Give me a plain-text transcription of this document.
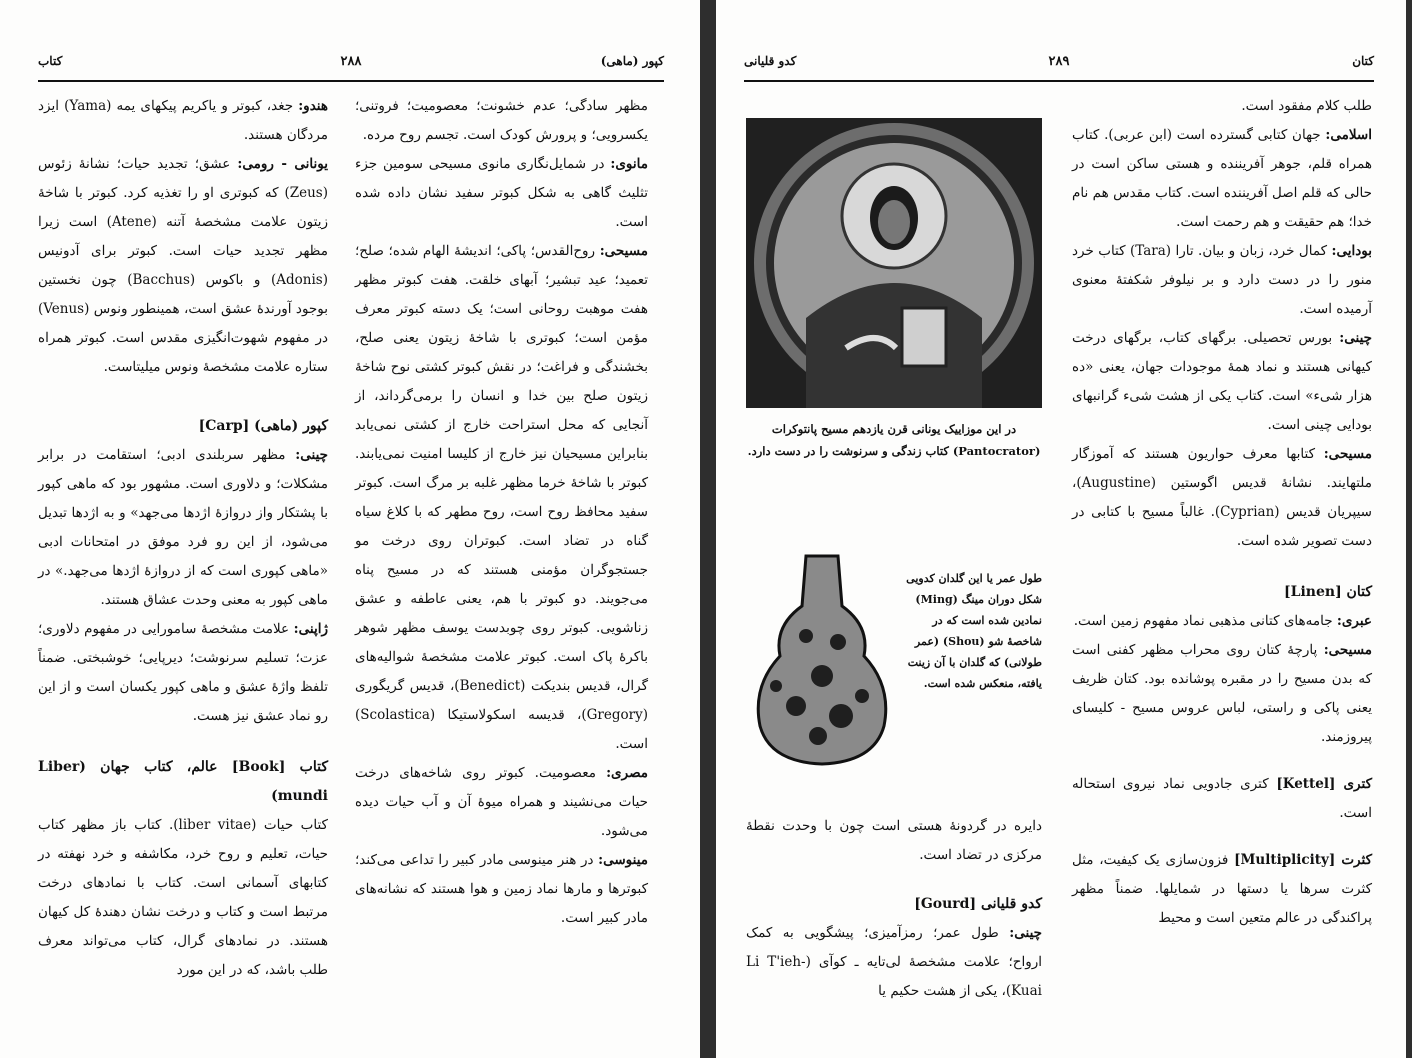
کپور (ماهی)
۲۸۸
کتاب

مظهر سادگی؛ عدم خشونت؛ معصومیت؛ فروتنی؛ یکسرویی؛ و پرورش کودک است. تجسم روح مرده.

مانوی: در شمایل‌نگاری مانوی مسیحی سومین جزء تثلیث گاهی به شکل کبوتر سفید نشان داده شده است.

مسیحی: روح‌القدس؛ پاکی؛ اندیشهٔ الهام شده؛ صلح؛ تعمید؛ عید تبشیر؛ آبهای خلقت. هفت کبوتر مظهر هفت موهبت روحانی است؛ یک دسته کبوتر معرف مؤمن است؛ کبوتری با شاخهٔ زیتون یعنی صلح، بخشندگی و فراغت؛ در نقش کبوتر کشتی نوح شاخهٔ زیتون صلح بین خدا و انسان را برمی‌گرداند، از آنجایی که محل استراحت خارج از کشتی نمی‌یابد بنابراین مسیحیان نیز خارج از کلیسا امنیت نمی‌یابند. کبوتر با شاخهٔ خرما مظهر غلبه بر مرگ است. کبوتر سفید محافظ روح است، روح مطهر که با کلاغ سیاه گناه در تضاد است. کبوتران روی درخت مو جستجوگران مؤمنی هستند که در مسیح پناه می‌جویند. دو کبوتر با هم، یعنی عاطفه و عشق زناشویی. کبوتر روی چوبدست یوسف مظهر شوهر باکرهٔ پاک است. کبوتر علامت مشخصهٔ شوالیه‌های گرال، قدیس بندیکت (Benedict)، قدیس گریگوری (Gregory)، قدیسه اسکولاستیکا (Scolastica) است.

مصری: معصومیت. کبوتر روی شاخه‌های درخت حیات می‌نشیند و همراه میوهٔ آن و آب حیات دیده می‌شود.

مینوسی: در هنر مینوسی مادر کبیر را تداعی می‌کند؛ کبوترها و مارها نماد زمین و هوا هستند که نشانه‌های مادر کبیر است.

هندو: جغد، کبوتر و یاکریم پیکهای یمه (Yama) ایزد مردگان هستند.

یونانی - رومی: عشق؛ تجدید حیات؛ نشانهٔ زئوس (Zeus) که کبوتری او را تغذیه کرد. کبوتر با شاخهٔ زیتون علامت مشخصهٔ آتنه (Atene) است زیرا مظهر تجدید حیات است. کبوتر برای آدونیس (Adonis) و باکوس (Bacchus) چون نخستین بوجود آورندهٔ عشق است، همینطور ونوس (Venus) در مفهوم شهوت‌انگیزی مقدس است. کبوتر همراه ستاره علامت مشخصهٔ ونوس میلیتاست.

کپور (ماهی) [Carp]

چینی: مظهر سربلندی ادبی؛ استقامت در برابر مشکلات؛ و دلاوری است. مشهور بود که ماهی کپور با پشتکار واز دروازهٔ اژدها می‌جهد» و به اژدها تبدیل می‌شود، از این رو فرد موفق در امتحانات ادبی «ماهی کپوری است که از دروازهٔ اژدها می‌جهد.» در ماهی کپور به معنی وحدت عشاق هستند.

ژاپنی: علامت مشخصهٔ سامورایی در مفهوم دلاوری؛ عزت؛ تسلیم سرنوشت؛ دیرپایی؛ خوشبختی. ضمناً تلفظ واژهٔ عشق و ماهی کپور یکسان است و از این رو نماد عشق نیز هست.

کتاب [Book] عالم، کتاب جهان (Liber mundi)

کتاب حیات (liber vitae). کتاب باز مظهر کتاب حیات، تعلیم و روح خرد، مکاشفه و خرد نهفته در کتابهای آسمانی است. کتاب با نمادهای درخت مرتبط است و کتاب و درخت نشان دهندهٔ کل کیهان هستند. در نمادهای گرال، کتاب می‌تواند معرف طلب باشد، که در این مورد

کتان
۲۸۹
کدو قلیانی

طلب کلام مفقود است.

اسلامی: جهان کتابی گسترده است (ابن عربی). کتاب همراه قلم، جوهر آفریننده و هستی ساکن است در حالی که قلم اصل آفریننده است. کتاب مقدس هم نام خدا؛ هم حقیقت و هم رحمت است.

بودایی: کمال خرد، زبان و بیان. تارا (Tara) کتاب خرد منور را در دست دارد و بر نیلوفر شکفتهٔ معنوی آرمیده است.

چینی: بورس تحصیلی. برگهای کتاب، برگهای درخت کیهانی هستند و نماد همهٔ موجودات جهان، یعنی «ده هزار شیء» است. کتاب یکی از هشت شیء گرانبهای بودایی چینی است.

مسیحی: کتابها معرف حواریون هستند که آموزگار ملتهایند. نشانهٔ قدیس اگوستین (Augustine)، سیپریان قدیس (Cyprian). غالباً مسیح با کتابی در دست تصویر شده است.

کتان [Linen]

عبری: جامه‌های کتانی مذهبی نماد مفهوم زمین است.

مسیحی: پارچهٔ کتان روی محراب مظهر کفنی است که بدن مسیح را در مقبره پوشانده بود. کتان ظریف یعنی پاکی و راستی، لباس عروس مسیح - کلیسای پیروزمند.

کتری [Kettel] کتری جادویی نماد نیروی استحاله است.

کثرت [Multiplicity] فزون‌سازی یک کیفیت، مثل کثرت سرها یا دستها در شمایلها. ضمناً مظهر پراکندگی در عالم متعین است و محیط

در این موزاییک یونانی قرن یازدهم مسیح پانتوکرات (Pantocrator) کتاب زندگی و سرنوشت را در دست دارد.
طول عمر یا این گلدان کدویی شکل دوران مینگ (Ming) نمادین شده است که در شاخصهٔ شو (Shou) (عمر طولانی) که گلدان با آن زینت یافته، منعکس شده است.

دایره در گردونهٔ هستی است چون با وحدت نقطهٔ مرکزی در تضاد است.

کدو قلیانی [Gourd]

چینی: طول عمر؛ رمزآمیزی؛ پیشگویی به کمک ارواح؛ علامت مشخصهٔ لی‌تایه ـ کوآی (Li T'ieh-Kuai)، یکی از هشت حکیم یا
